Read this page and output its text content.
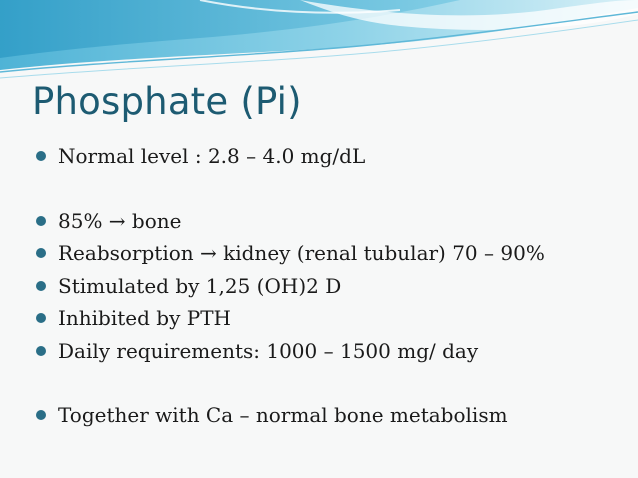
Phosphate (Pi)
Normal level : 2.8 – 4.0 mg/dL
85% → bone
Reabsorption → kidney (renal tubular) 70 – 90%
Stimulated by 1,25 (OH)2 D
Inhibited by PTH
Daily requirements: 1000 – 1500 mg/ day
Together with Ca – normal bone metabolism
